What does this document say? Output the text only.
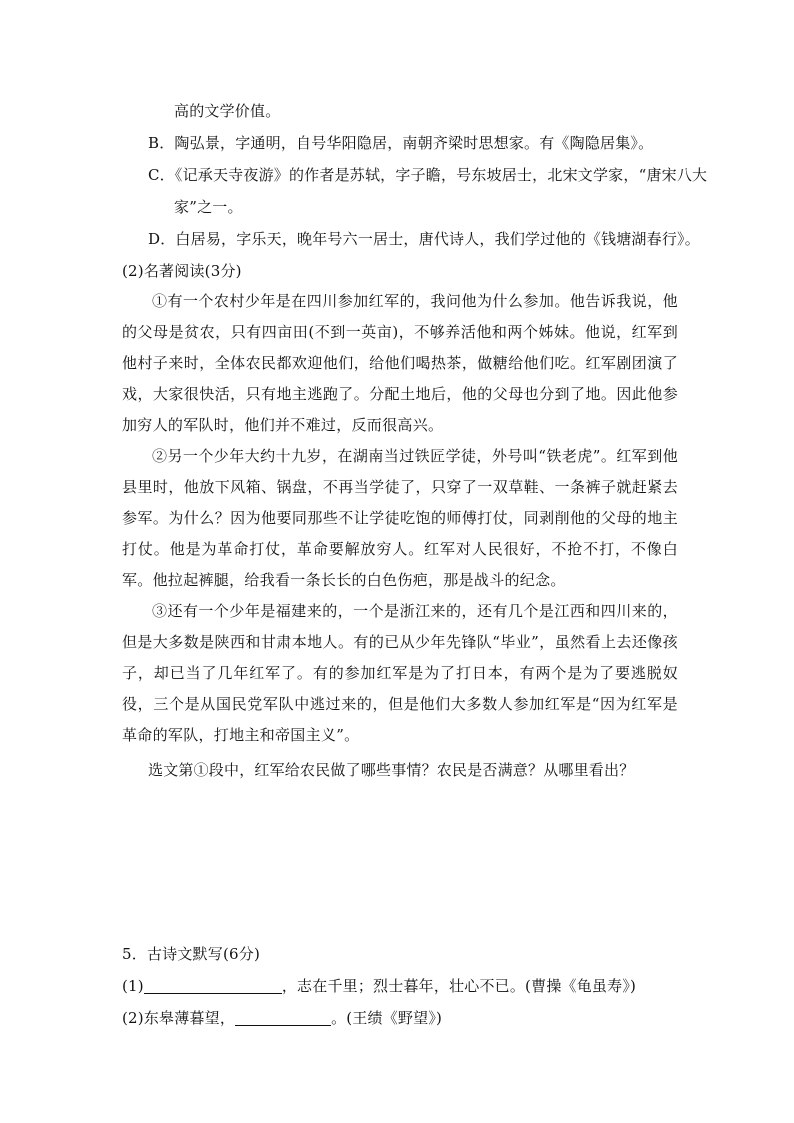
高的文学价值。
B．陶弘景，字通明，自号华阳隐居，南朝齐梁时思想家。有《陶隐居集》。
C．《记承天寺夜游》的作者是苏轼，字子瞻，号东坡居士，北宋文学家，“唐宋八大
家”之一。
D．白居易，字乐天，晚年号六一居士，唐代诗人，我们学过他的《钱塘湖春行》。
(2)名著阅读(3分)
①有一个农村少年是在四川参加红军的，我问他为什么参加。他告诉我说，他的父母是贫农，只有四亩田(不到一英亩)，不够养活他和两个姊妹。他说，红军到他村子来时，全体农民都欢迎他们，给他们喝热茶，做糖给他们吃。红军剧团演了戏，大家很快活，只有地主逃跑了。分配土地后，他的父母也分到了地。因此他参加穷人的军队时，他们并不难过，反而很高兴。
②另一个少年大约十九岁，在湖南当过铁匠学徒，外号叫“铁老虎”。红军到他县里时，他放下风箱、锅盘，不再当学徒了，只穿了一双草鞋、一条裤子就赶紧去参军。为什么？因为他要同那些不让学徒吃饱的师傅打仗，同剥削他的父母的地主打仗。他是为革命打仗，革命要解放穷人。红军对人民很好，不抢不打，不像白军。他拉起裤腿，给我看一条长长的白色伤疤，那是战斗的纪念。
③还有一个少年是福建来的，一个是浙江来的，还有几个是江西和四川来的，但是大多数是陕西和甘肃本地人。有的已从少年先锋队“毕业”，虽然看上去还像孩子，却已当了几年红军了。有的参加红军是为了打日本，有两个是为了要逃脱奴役，三个是从国民党军队中逃过来的，但是他们大多数人参加红军是“因为红军是革命的军队，打地主和帝国主义”。
选文第①段中，红军给农民做了哪些事情？农民是否满意？从哪里看出？
5．古诗文默写(6分)
(1)	，志在千里；烈士暮年，壮心不已。(曹操《龟虽寿》)
(2)东皋薄暮望，	。(王绩《野望》)
